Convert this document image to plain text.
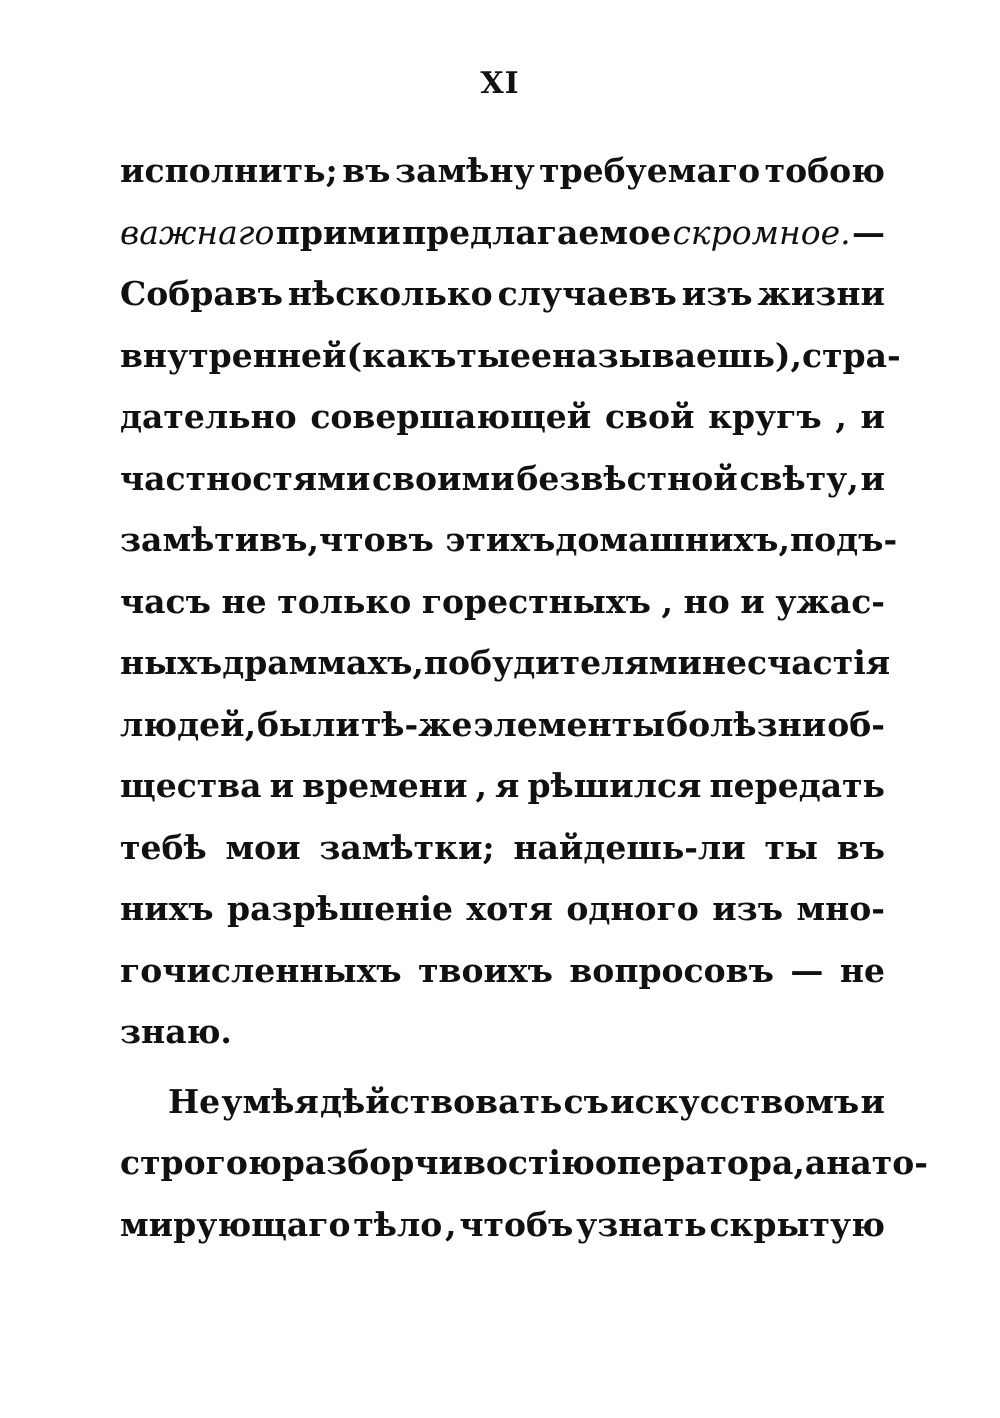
XI
исполнить; въ замѣну требуемаго тобою
важнаго прими предлагаемое скромное. —
Собравъ нѣсколько случаевъ изъ жизни
внутренней (какъ ты ее называешь), стра-
дательно совершающей свой кругъ , и
частностями своими безвѣстной свѣту, и
замѣтивъ, что въ этихъ домашнихъ, подъ-
часъ не только горестныхъ , но и ужас-
ныхъ драммахъ , побудителями несчастія
людей, были тѣ-же элементы болѣзни об-
щества и времени , я рѣшился передать
тебѣ мои замѣтки; найдешь-ли ты въ
нихъ разрѣшеніе хотя одного изъ мно-
гочисленныхъ твоихъ вопросовъ — не
знаю.
Не умѣя дѣйствовать съ искусствомъ и
строгою разборчивостію оператора, анато-
мирующаго тѣло , чтобъ узнать скрытую
